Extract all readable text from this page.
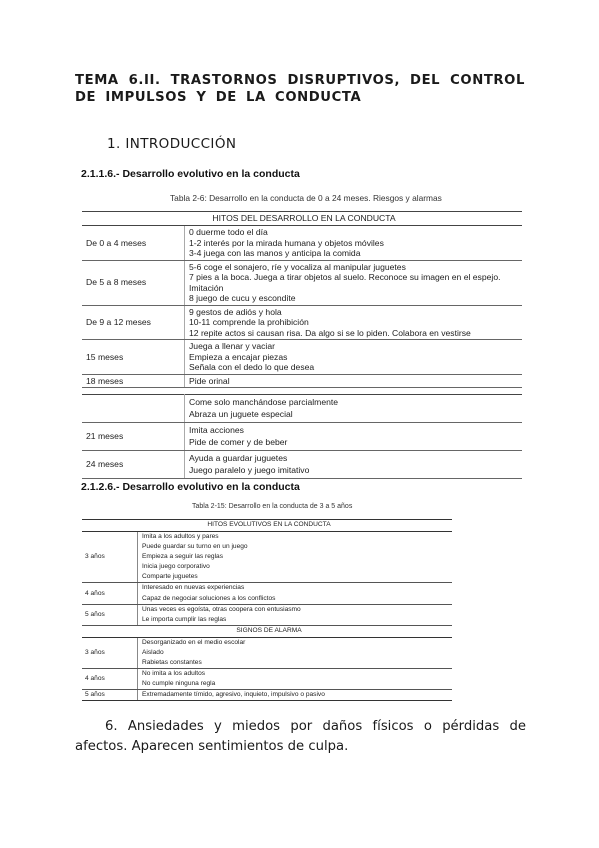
TEMA 6.II. TRASTORNOS DISRUPTIVOS, DEL CONTROL DE IMPULSOS Y DE LA CONDUCTA
1. INTRODUCCIÓN
2.1.1.6.- Desarrollo evolutivo en la conducta
Tabla 2-6: Desarrollo en la conducta de 0 a 24 meses. Riesgos y alarmas
HITOS DEL DESARROLLO EN LA CONDUCTA	
De 0 a 4 meses	0 duerme todo el día
1-2 interés por la mirada humana y objetos móviles
3-4 juega con las manos y anticipa la comida

De 5 a 8 meses	5-6 coge el sonajero, ríe y vocaliza al manipular juguetes
7 pies a la boca. Juega a tirar objetos al suelo. Reconoce su imagen en el espejo. Imitación
8 juego de cucu y escondite

De 9 a 12 meses	9 gestos de adiós y hola
10-11 comprende la prohibición
12 repite actos si causan risa. Da algo si se lo piden. Colabora en vestirse

15 meses	Juega a llenar y vaciar
Empieza a encajar piezas
Señala con el dedo lo que desea

18 meses	Pide orinal

	Come solo manchándose parcialmente
Abraza un juguete especial

21 meses	Imita acciones
Pide de comer y de beber

24 meses	Ayuda a guardar juguetes
Juego paralelo y juego imitativo
2.1.2.6.- Desarrollo evolutivo en la conducta
Tabla 2-15: Desarrollo en la conducta de 3 a 5 años
HITOS EVOLUTIVOS EN LA CONDUCTA	
3 años	Imita a los adultos y pares
Puede guardar su turno en un juego
Empieza a seguir las reglas
Inicia juego corporativo
Comparte juguetes

4 años	Interesado en nuevas experiencias
Capaz de negociar soluciones a los conflictos

5 años	Unas veces es egoísta, otras coopera con entusiasmo
Le importa cumplir las reglas

SIGNOS DE ALARMA	
3 años	Desorganizado en el medio escolar
Aislado
Rabietas constantes

4 años	No imita a los adultos
No cumple ninguna regla

5 años	Extremadamente tímido, agresivo, inquieto, impulsivo o pasivo
6. Ansiedades y miedos por daños físicos o pérdidas de afectos. Aparecen sentimientos de culpa.
